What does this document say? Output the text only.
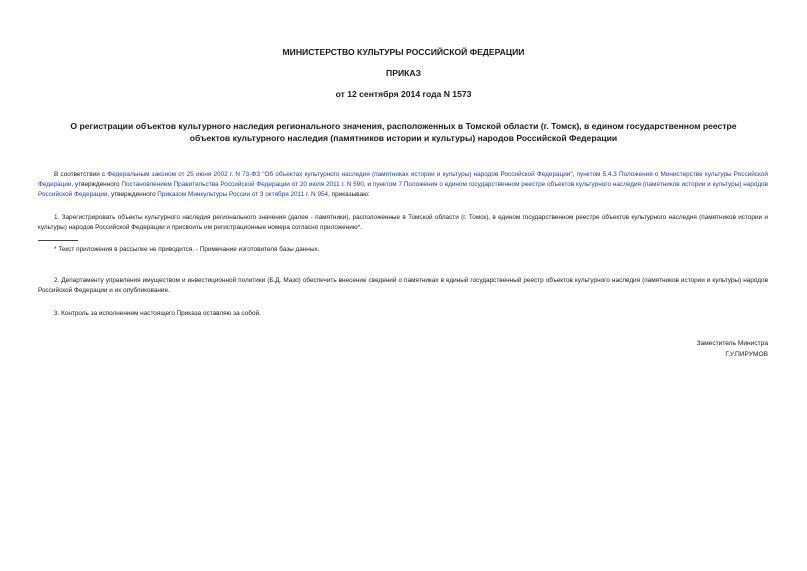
МИНИСТЕРСТВО КУЛЬТУРЫ РОССИЙСКОЙ ФЕДЕРАЦИИ
ПРИКАЗ
от 12 сентября 2014 года N 1573
О регистрации объектов культурного наследия регионального значения, расположенных в Томской области (г. Томск), в едином государственном реестре объектов культурного наследия (памятников истории и культуры) народов Российской Федерации
В соответствии с Федеральным законом от 25 июня 2002 г. N 73-ФЗ "Об объектах культурного наследия (памятниках истории и культуры) народов Российской Федерации", пунктом 5.4.3 Положения о Министерстве культуры Российской Федерации, утвержденного Постановлением Правительства Российской Федерации от 20 июля 2011 г. N 590, и пунктом 7 Положения о едином государственном реестре объектов культурного наследия (памятников истории и культуры) народов Российской Федерации, утвержденного Приказом Минкультуры России от 3 октября 2011 г. N 954, приказываю:
1. Зарегистрировать объекты культурного наследия регионального значения (далее - памятники), расположенные в Томской области (г. Томск), в едином государственном реестре объектов культурного наследия (памятников истории и культуры) народов Российской Федерации и присвоить им регистрационные номера согласно приложению*.
* Текст приложения в рассылке не приводится. - Примечание изготовителя базы данных.
2. Департаменту управления имуществом и инвестиционной политики (Б.Д. Мазо) обеспечить внесение сведений о памятниках в единый государственный реестр объектов культурного наследия (памятников истории и культуры) народов Российской Федерации и их опубликование.
3. Контроль за исполнением настоящего Приказа оставляю за собой.
Заместитель Министра
Г.У.ПИРУМОВ
